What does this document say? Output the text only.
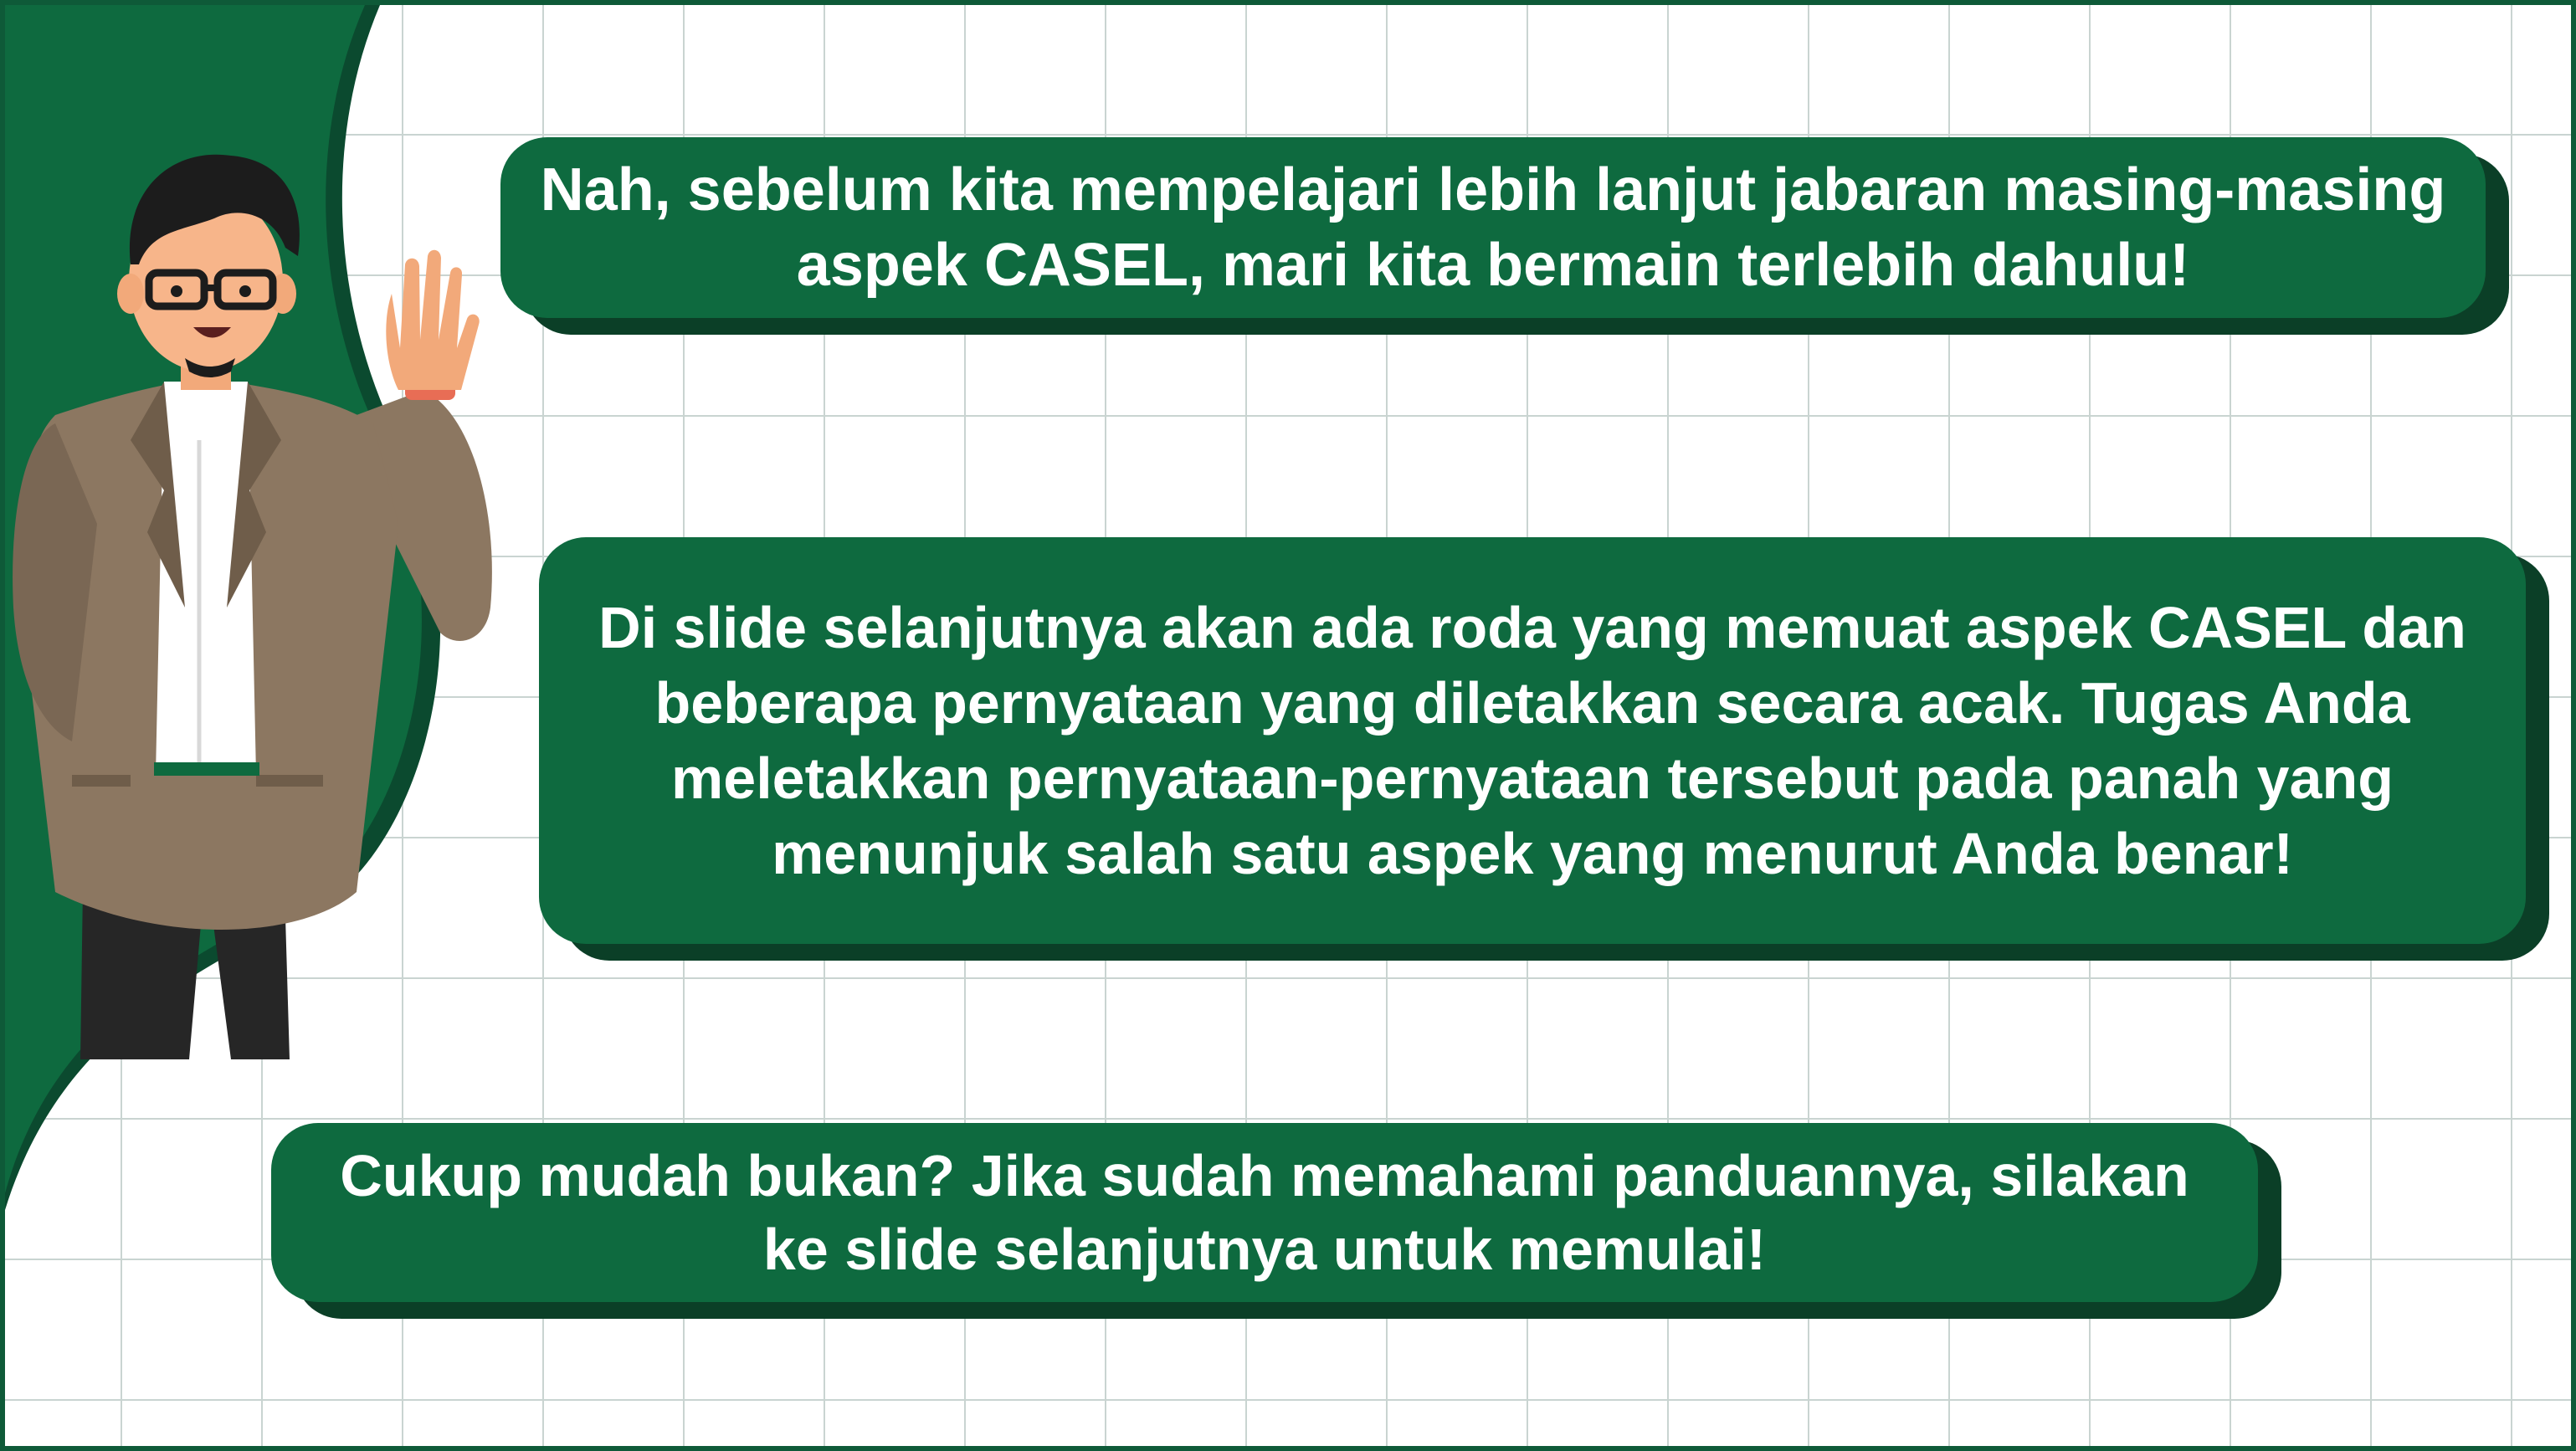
Nah, sebelum kita mempelajari lebih lanjut jabaran masing-masing aspek CASEL, mari kita bermain terlebih dahulu!

Di slide selanjutnya akan ada roda yang memuat aspek CASEL dan beberapa pernyataan yang diletakkan secara acak. Tugas Anda meletakkan pernyataan-pernyataan tersebut pada panah yang menunjuk salah satu aspek yang menurut Anda benar!

Cukup mudah bukan? Jika sudah memahami panduannya, silakan ke slide selanjutnya untuk memulai!
